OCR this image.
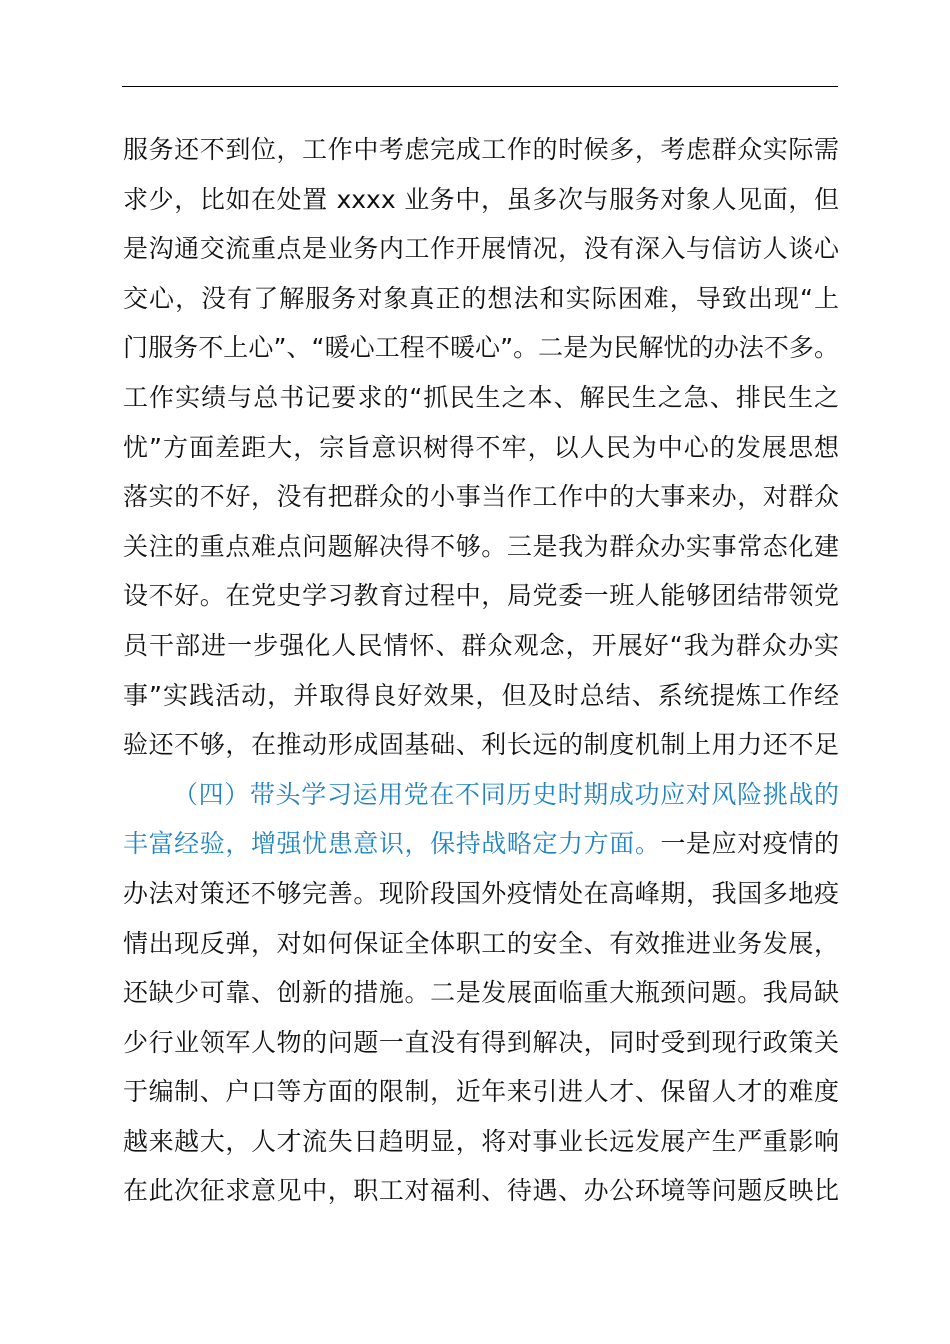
服务还不到位，工作中考虑完成工作的时候多，考虑群众实际需
求少，比如在处置 xxxx 业务中，虽多次与服务对象人见面，但
是沟通交流重点是业务内工作开展情况，没有深入与信访人谈心
交心，没有了解服务对象真正的想法和实际困难，导致出现“上
门服务不上心”、“暖心工程不暖心”。二是为民解忧的办法不多。
工作实绩与总书记要求的“抓民生之本、解民生之急、排民生之
忧”方面差距大，宗旨意识树得不牢，以人民为中心的发展思想
落实的不好，没有把群众的小事当作工作中的大事来办，对群众
关注的重点难点问题解决得不够。三是我为群众办实事常态化建
设不好。在党史学习教育过程中，局党委一班人能够团结带领党
员干部进一步强化人民情怀、群众观念，开展好“我为群众办实
事”实践活动，并取得良好效果，但及时总结、系统提炼工作经
验还不够，在推动形成固基础、利长远的制度机制上用力还不足
（四）带头学习运用党在不同历史时期成功应对风险挑战的
丰富经验，增强忧患意识，保持战略定力方面。一是应对疫情的
办法对策还不够完善。现阶段国外疫情处在高峰期，我国多地疫
情出现反弹，对如何保证全体职工的安全、有效推进业务发展，
还缺少可靠、创新的措施。二是发展面临重大瓶颈问题。我局缺
少行业领军人物的问题一直没有得到解决，同时受到现行政策关
于编制、户口等方面的限制，近年来引进人才、保留人才的难度
越来越大，人才流失日趋明显，将对事业长远发展产生严重影响
在此次征求意见中，职工对福利、待遇、办公环境等问题反映比
